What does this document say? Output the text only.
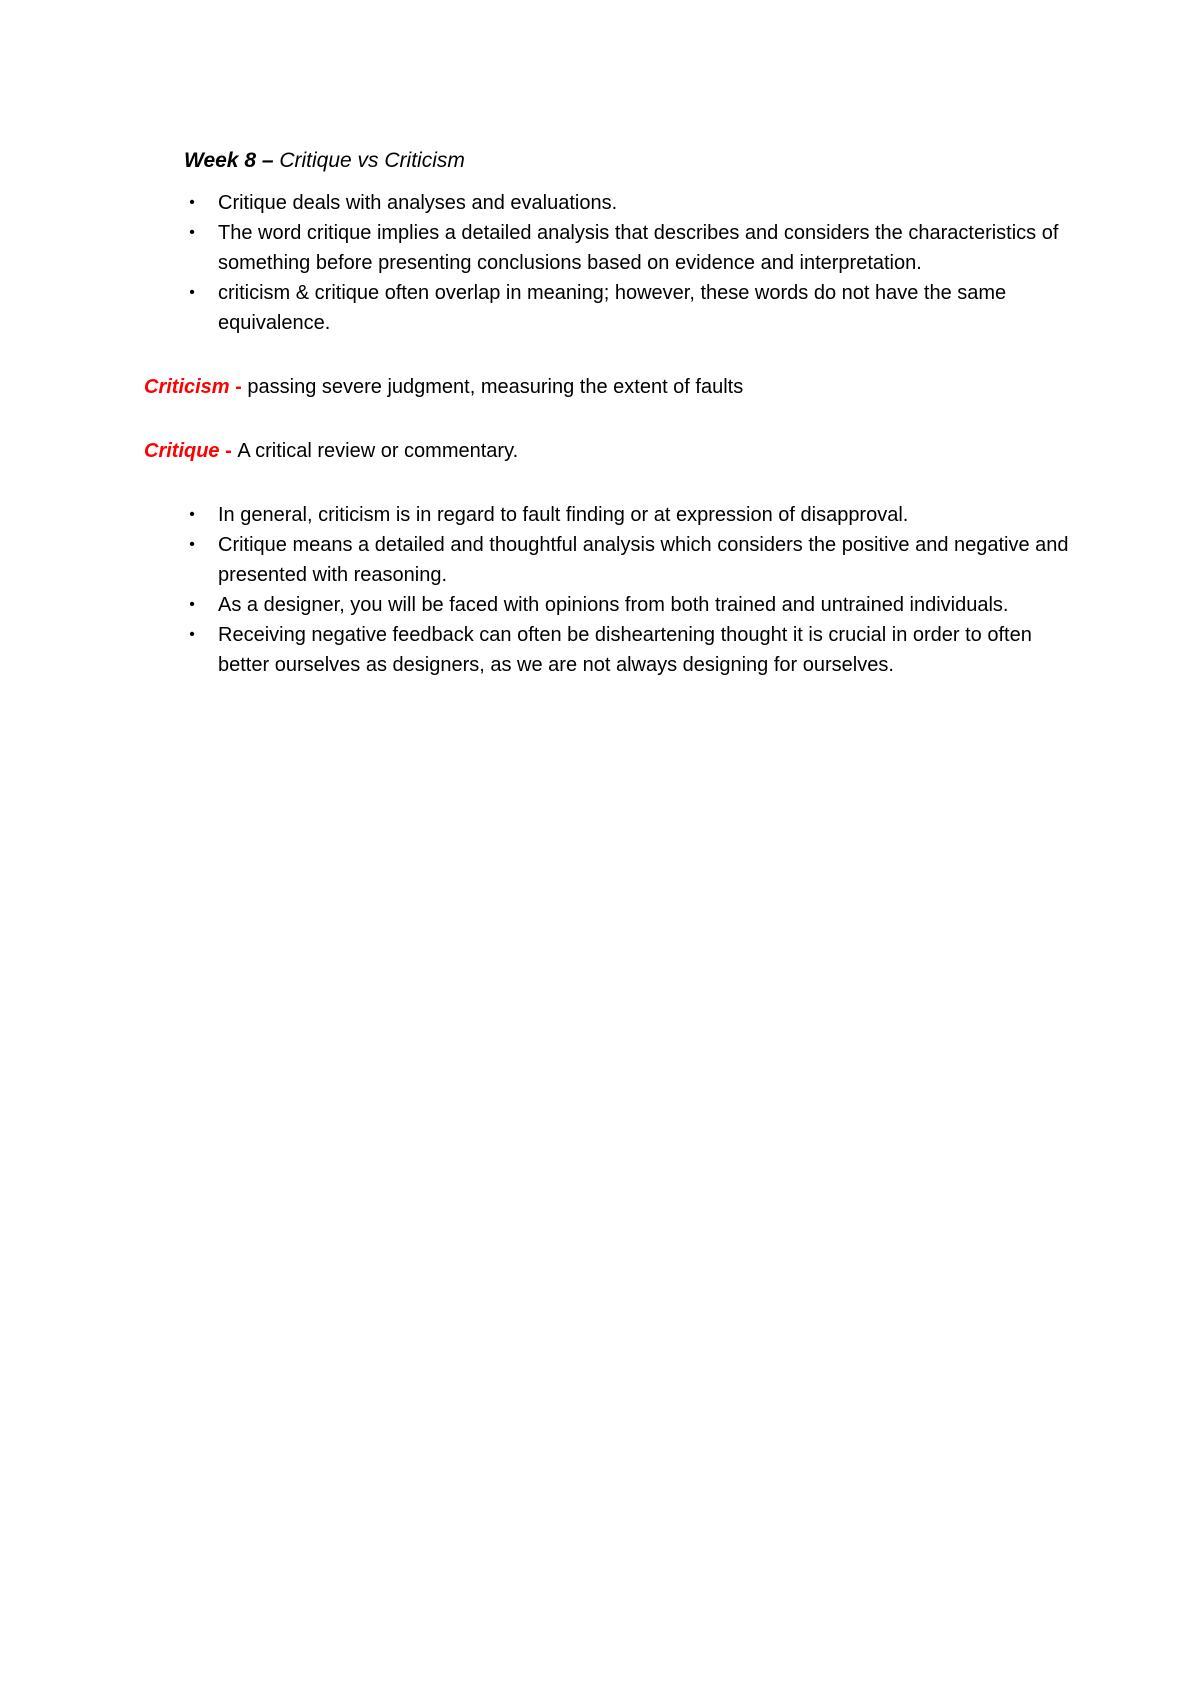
Week 8 – Critique vs Criticism

• Critique deals with analyses and evaluations.
• The word critique implies a detailed analysis that describes and considers the characteristics of something before presenting conclusions based on evidence and interpretation.
• criticism & critique often overlap in meaning; however, these words do not have the same equivalence.

Criticism - passing severe judgment, measuring the extent of faults

Critique - A critical review or commentary.

• In general, criticism is in regard to fault finding or at expression of disapproval.
• Critique means a detailed and thoughtful analysis which considers the positive and negative and presented with reasoning.
• As a designer, you will be faced with opinions from both trained and untrained individuals.
• Receiving negative feedback can often be disheartening thought it is crucial in order to often better ourselves as designers, as we are not always designing for ourselves.
